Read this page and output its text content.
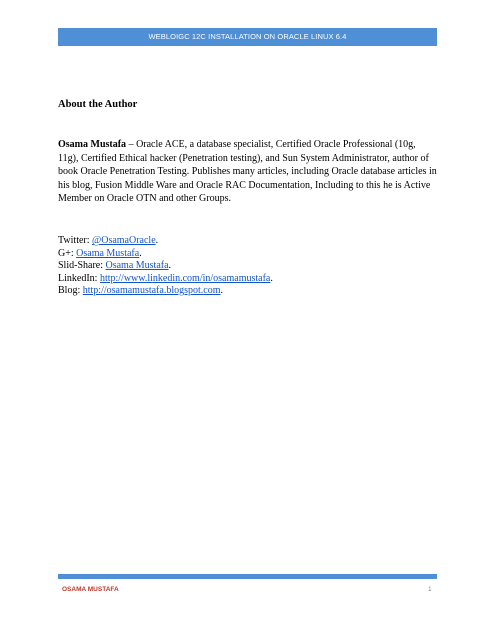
WEBLOIGC 12C INSTALLATION ON ORACLE LINUX 6.4
About the Author

Osama Mustafa – Oracle ACE, a database specialist, Certified Oracle Professional (10g, 11g), Certified Ethical hacker (Penetration testing), and Sun System Administrator, author of book Oracle Penetration Testing. Publishes many articles, including Oracle database articles in his blog, Fusion Middle Ware and Oracle RAC Documentation, Including to this he is Active Member on Oracle OTN and other Groups.

Twitter: @OsamaOracle.
G+: Osama Mustafa.
Slid-Share: Osama Mustafa.
LinkedIn: http://www.linkedin.com/in/osamamustafa.
Blog: http://osamamustafa.blogspot.com.
OSAMA MUSTAFA	1
